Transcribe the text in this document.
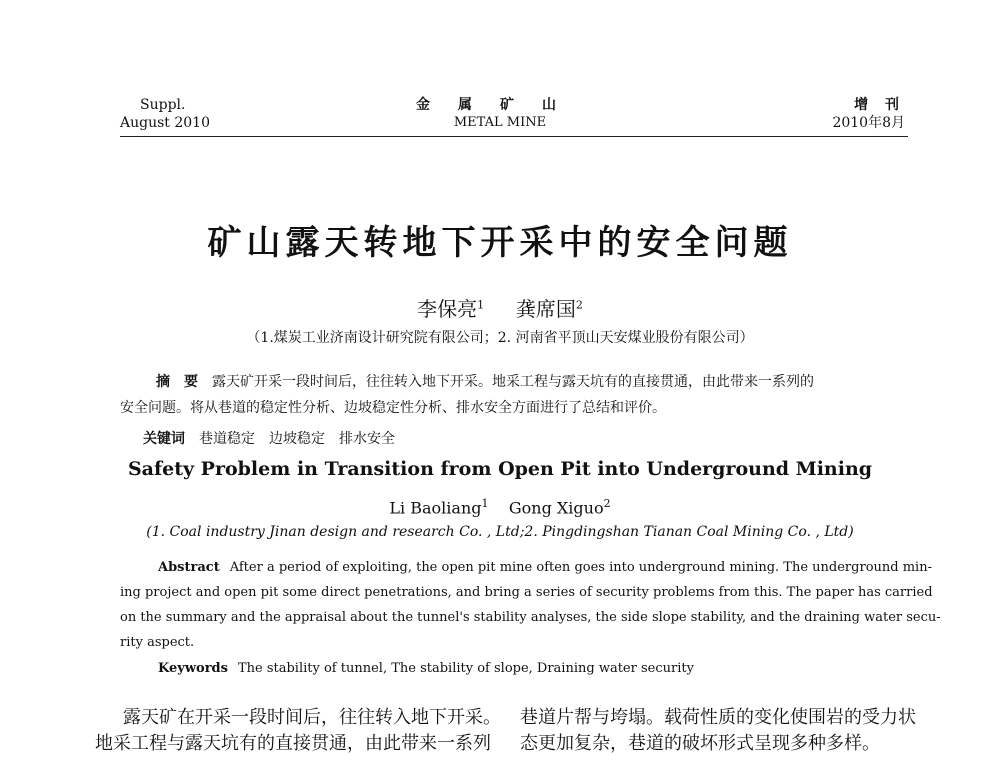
Suppl.
August 2010
金属矿山
METAL MINE
增 刊
2010年8月
矿山露天转地下开采中的安全问题
李保亮$^1$ 龚席国$^2$
（1.煤炭工业济南设计研究院有限公司；2. 河南省平顶山天安煤业股份有限公司）
摘　要 露天矿开采一段时间后，往往转入地下开采。地采工程与露天坑有的直接贯通，由此带来一系列的
安全问题。将从巷道的稳定性分析、边坡稳定性分析、排水安全方面进行了总结和评价。
关键词 巷道稳定　边坡稳定　排水安全
Safety Problem in Transition from Open Pit into Underground Mining
Li Baoliang$^1$ Gong Xiguo$^2$
(1. Coal industry Jinan design and research Co. , Ltd;2. Pingdingshan Tianan Coal Mining Co. , Ltd)
Abstract After a period of exploiting, the open pit mine often goes into underground mining. The underground min-
ing project and open pit some direct penetrations, and bring a series of security problems from this. The paper has carried
on the summary and the appraisal about the tunnel's stability analyses, the side slope stability, and the draining water secu-
rity aspect.
Keywords The stability of tunnel, The stability of slope, Draining water security
露天矿在开采一段时间后，往往转入地下开采。
地采工程与露天坑有的直接贯通，由此带来一系列
巷道片帮与垮塌。载荷性质的变化使围岩的受力状
态更加复杂，巷道的破坏形式呈现多种多样。
